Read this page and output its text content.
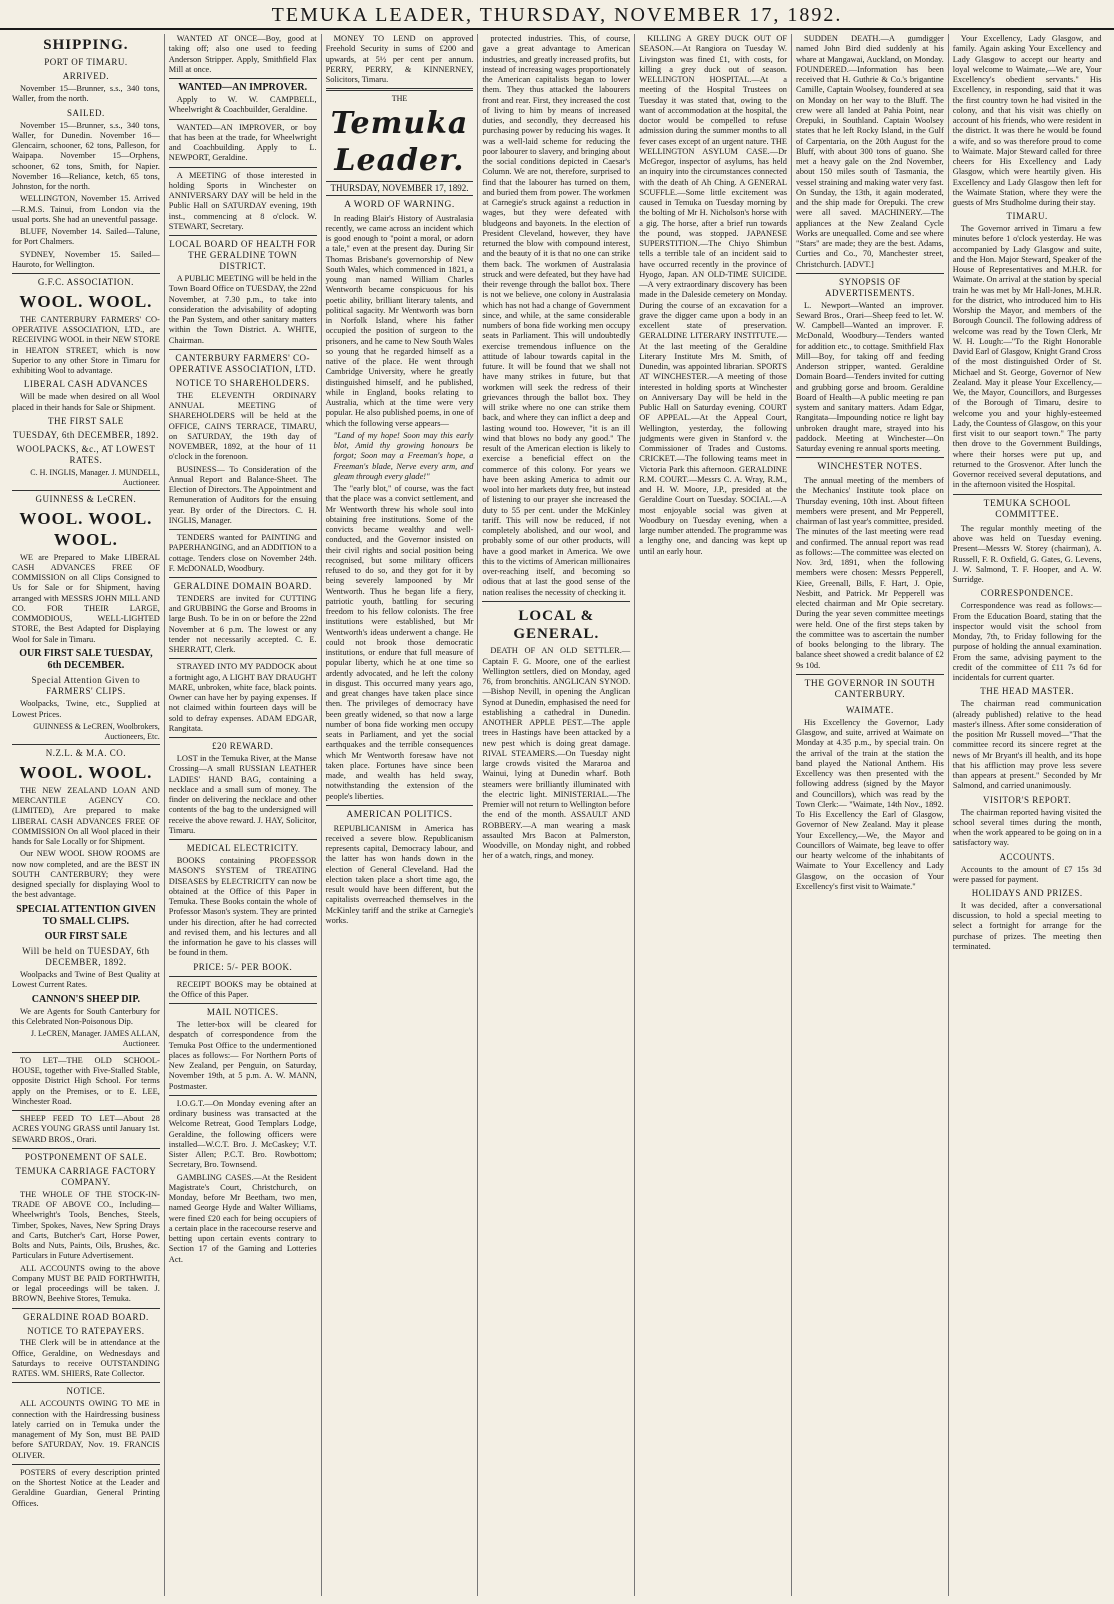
TEMUKA LEADER, THURSDAY, NOVEMBER 17, 1892.
SHIPPING.
PORT OF TIMARU.
ARRIVED.

November 15—Brunner, s.s., 340 tons, Waller, from the north.

SAILED.

November 15—Brunner, s.s., 340 tons, Waller, for Dunedin. November 16—Glencairn, schooner, 62 tons, Palleson, for Waipapa. November 15—Orphens, schooner, 62 tons, Smith, for Napier. November 16—Reliance, ketch, 65 tons, Johnston, for the north.

WELLINGTON, November 15. Arrived—R.M.S. Tainui, from London via the usual ports. She had an uneventful passage.

BLUFF, November 14. Sailed—Talune, for Port Chalmers.

SYDNEY, November 15. Sailed—Hauroto, for Wellington.

G.F.C. ASSOCIATION.
WOOL. WOOL.

THE CANTERBURY FARMERS' CO-OPERATIVE ASSOCIATION, LTD., are RECEIVING WOOL in their NEW STORE in HEATON STREET, which is now Superior to any other Store in Timaru for exhibiting Wool to advantage.

LIBERAL CASH ADVANCES

Will be made when desired on all Wool placed in their hands for Sale or Shipment.

THE FIRST SALE
TUESDAY, 6th DECEMBER, 1892.
WOOLPACKS, &c., AT LOWEST RATES.
C. H. INGLIS, Manager. J. MUNDELL, Auctioneer.
GUINNESS & LeCREN.
WOOL. WOOL. WOOL.

WE are Prepared to Make LIBERAL CASH ADVANCES FREE OF COMMISSION on all Clips Consigned to Us for Sale or for Shipment, having arranged with MESSRS JOHN MILL AND CO. FOR THEIR LARGE, COMMODIOUS, WELL-LIGHTED STORE, the Best Adapted for Displaying Wool for Sale in Timaru.

OUR FIRST SALE TUESDAY, 6th DECEMBER.
Special Attention Given to FARMERS' CLIPS.

Woolpacks, Twine, etc., Supplied at Lowest Prices.

GUINNESS & LeCREN, Woolbrokers, Auctioneers, Etc.
N.Z.L. & M.A. CO.
WOOL. WOOL.

THE NEW ZEALAND LOAN AND MERCANTILE AGENCY CO. (LIMITED), Are prepared to make LIBERAL CASH ADVANCES FREE OF COMMISSION On all Wool placed in their hands for Sale Locally or for Shipment.

Our NEW WOOL SHOW ROOMS are now now completed, and are the BEST IN SOUTH CANTERBURY; they were designed specially for displaying Wool to the best advantage.

SPECIAL ATTENTION GIVEN TO SMALL CLIPS.
OUR FIRST SALE
Will be held on TUESDAY, 6th DECEMBER, 1892.

Woolpacks and Twine of Best Quality at Lowest Current Rates.

CANNON'S SHEEP DIP.

We are Agents for South Canterbury for this Celebrated Non-Poisonous Dip.

J. LeCREN, Manager. JAMES ALLAN, Auctioneer.

TO LET—THE OLD SCHOOL-HOUSE, together with Five-Stalled Stable, opposite District High School. For terms apply on the Premises, or to E. LEE, Winchester Road.

SHEEP FEED TO LET—About 28 ACRES YOUNG GRASS until January 1st. SEWARD BROS., Orari.

POSTPONEMENT OF SALE.
TEMUKA CARRIAGE FACTORY COMPANY.

THE WHOLE OF THE STOCK-IN-TRADE OF ABOVE CO., Including— Wheelwright's Tools, Benches, Steels, Timber, Spokes, Naves, New Spring Drays and Carts, Butcher's Cart, Horse Power, Bolts and Nuts, Paints, Oils, Brushes, &c. Particulars in Future Advertisement.

ALL ACCOUNTS owing to the above Company MUST BE PAID FORTHWITH, or legal proceedings will be taken. J. BROWN, Beehive Stores, Temuka.

GERALDINE ROAD BOARD.
NOTICE TO RATEPAYERS.

THE Clerk will be in attendance at the Office, Geraldine, on Wednesdays and Saturdays to receive OUTSTANDING RATES. WM. SHIERS, Rate Collector.

NOTICE.

ALL ACCOUNTS OWING TO ME in connection with the Hairdressing business lately carried on in Temuka under the management of My Son, must BE PAID before SATURDAY, Nov. 19. FRANCIS OLIVER.

POSTERS of every description printed on the Shortest Notice at the Leader and Geraldine Guardian, General Printing Offices.

WANTED AT ONCE—Boy, good at taking off; also one used to feeding Anderson Stripper. Apply, Smithfield Flax Mill at once.

WANTED—AN IMPROVER.

Apply to W. W. CAMPBELL, Wheelwright & Coachbuilder, Geraldine.

WANTED—AN IMPROVER, or boy that has been at the trade, for Wheelwright and Coachbuilding. Apply to L. NEWPORT, Geraldine.

A MEETING of those interested in holding Sports in Winchester on ANNIVERSARY DAY will be held in the Public Hall on SATURDAY evening, 19th inst., commencing at 8 o'clock. W. STEWART, Secretary.

LOCAL BOARD OF HEALTH FOR THE GERALDINE TOWN DISTRICT.

A PUBLIC MEETING will be held in the Town Board Office on TUESDAY, the 22nd November, at 7.30 p.m., to take into consideration the advisability of adopting the Pan System, and other sanitary matters within the Town District. A. WHITE, Chairman.

CANTERBURY FARMERS' CO-OPERATIVE ASSOCIATION, LTD.
NOTICE TO SHAREHOLDERS.

THE ELEVENTH ORDINARY ANNUAL MEETING of SHAREHOLDERS will be held at the OFFICE, CAIN'S TERRACE, TIMARU, on SATURDAY, the 19th day of NOVEMBER, 1892, at the hour of 11 o'clock in the forenoon.

BUSINESS— To Consideration of the Annual Report and Balance-Sheet. The Election of Directors. The Appointment and Remuneration of Auditors for the ensuing year. By order of the Directors. C. H. INGLIS, Manager.

TENDERS wanted for PAINTING and PAPERHANGING, and an ADDITION to a cottage. Tenders close on November 24th. F. McDONALD, Woodbury.

GERALDINE DOMAIN BOARD.

TENDERS are invited for CUTTING and GRUBBING the Gorse and Brooms in large Bush. To be in on or before the 22nd November at 6 p.m. The lowest or any tender not necessarily accepted. C. E. SHERRATT, Clerk.

STRAYED INTO MY PADDOCK about a fortnight ago, A LIGHT BAY DRAUGHT MARE, unbroken, white face, black points. Owner can have her by paying expenses. If not claimed within fourteen days will be sold to defray expenses. ADAM EDGAR, Rangitata.

£20 REWARD.

LOST in the Temuka River, at the Manse Crossing—A small RUSSIAN LEATHER LADIES' HAND BAG, containing a necklace and a small sum of money. The finder on delivering the necklace and other contents of the bag to the undersigned will receive the above reward. J. HAY, Solicitor, Timaru.

MEDICAL ELECTRICITY.

BOOKS containing PROFESSOR MASON'S SYSTEM of TREATING DISEASES by ELECTRICITY can now be obtained at the Office of this Paper in Temuka. These Books contain the whole of Professor Mason's system. They are printed under his direction, after he had corrected and revised them, and his lectures and all the information he gave to his classes will be found in them.

PRICE: 5/- PER BOOK.

RECEIPT BOOKS may be obtained at the Office of this Paper.

MAIL NOTICES.

The letter-box will be cleared for despatch of correspondence from the Temuka Post Office to the undermentioned places as follows:— For Northern Ports of New Zealand, per Penguin, on Saturday, November 19th, at 5 p.m. A. W. MANN, Postmaster.

I.O.G.T.—On Monday evening after an ordinary business was transacted at the Welcome Retreat, Good Templars Lodge, Geraldine, the following officers were installed—W.C.T. Bro. J. McCaskey; V.T. Sister Allen; P.C.T. Bro. Rowbottom; Secretary, Bro. Townsend.

GAMBLING CASES.—At the Resident Magistrate's Court, Christchurch, on Monday, before Mr Beetham, two men, named George Hyde and Walter Williams, were fined £20 each for being occupiers of a certain place in the racecourse reserve and betting upon certain events contrary to Section 17 of the Gaming and Lotteries Act.

MONEY TO LEND on approved Freehold Security in sums of £200 and upwards, at 5½ per cent per annum. PERRY, PERRY, & KINNERNEY, Solicitors, Timaru.

THE
Temuka Leader.
THURSDAY, NOVEMBER 17, 1892.
A WORD OF WARNING.

In reading Blair's History of Australasia recently, we came across an incident which is good enough to "point a moral, or adorn a tale," even at the present day. During Sir Thomas Brisbane's governorship of New South Wales, which commenced in 1821, a young man named William Charles Wentworth became conspicuous for his poetic ability, brilliant literary talents, and political sagacity. Mr Wentworth was born in Norfolk Island, where his father occupied the position of surgeon to the prisoners, and he came to New South Wales so young that he regarded himself as a native of the place. He went through Cambridge University, where he greatly distinguished himself, and he published, while in England, books relating to Australia, which at the time were very popular. He also published poems, in one of which the following verse appears—

"Land of my hope! Soon may this early blot, Amid thy growing honours be forgot; Soon may a Freeman's hope, a Freeman's blade, Nerve every arm, and gleam through every glade!"

The "early blot," of course, was the fact that the place was a convict settlement, and Mr Wentworth threw his whole soul into obtaining free institutions. Some of the convicts became wealthy and well-conducted, and the Governor insisted on their civil rights and social position being recognised, but some military officers refused to do so, and they got for it by being severely lampooned by Mr Wentworth. Thus he began life a fiery, patriotic youth, battling for securing freedom to his fellow colonists. The free institutions were established, but Mr Wentworth's ideas underwent a change. He could not brook those democratic institutions, or endure that full measure of popular liberty, which he at one time so ardently advocated, and he left the colony in disgust. This occurred many years ago, and great changes have taken place since then. The privileges of democracy have been greatly widened, so that now a large number of bona fide working men occupy seats in Parliament, and yet the social earthquakes and the terrible consequences which Mr Wentworth foresaw have not taken place. Fortunes have since been made, and wealth has held sway, notwithstanding the extension of the people's liberties.

AMERICAN POLITICS.

REPUBLICANISM in America has received a severe blow. Republicanism represents capital, Democracy labour, and the latter has won hands down in the election of General Cleveland. Had the election taken place a short time ago, the result would have been different, but the capitalists overreached themselves in the McKinley tariff and the strike at Carnegie's works.

protected industries. This, of course, gave a great advantage to American industries, and greatly increased profits, but instead of increasing wages proportionately the American capitalists began to lower them. They thus attacked the labourers front and rear. First, they increased the cost of living to him by means of increased duties, and secondly, they decreased his purchasing power by reducing his wages. It was a well-laid scheme for reducing the poor labourer to slavery, and bringing about the social conditions depicted in Caesar's Column. We are not, therefore, surprised to find that the labourer has turned on them, and buried them from power. The workmen at Carnegie's struck against a reduction in wages, but they were defeated with bludgeons and bayonets. In the election of President Cleveland, however, they have returned the blow with compound interest, and the beauty of it is that no one can strike them back. The workmen of Australasia struck and were defeated, but they have had their revenge through the ballot box. There is not we believe, one colony in Australasia which has not had a change of Government since, and while, at the same considerable numbers of bona fide working men occupy seats in Parliament. This will undoubtedly exercise tremendous influence on the attitude of labour towards capital in the future. It will be found that we shall not have many strikes in future, but that workmen will seek the redress of their grievances through the ballot box. They will strike where no one can strike them back, and where they can inflict a deep and lasting wound too. However, "it is an ill wind that blows no body any good." The result of the American election is likely to exercise a beneficial effect on the commerce of this colony. For years we have been asking America to admit our wool into her markets duty free, but instead of listening to our prayer she increased the duty to 55 per cent. under the McKinley tariff. This will now be reduced, if not completely abolished, and our wool, and probably some of our other products, will have a good market in America. We owe this to the victims of American millionaires over-reaching itself, and becoming so odious that at last the good sense of the nation realises the necessity of checking it.

LOCAL & GENERAL.

DEATH OF AN OLD SETTLER.—Captain F. G. Moore, one of the earliest Wellington settlers, died on Monday, aged 76, from bronchitis. ANGLICAN SYNOD.—Bishop Nevill, in opening the Anglican Synod at Dunedin, emphasised the need for establishing a cathedral in Dunedin. ANOTHER APPLE PEST.—The apple trees in Hastings have been attacked by a new pest which is doing great damage. RIVAL STEAMERS.—On Tuesday night large crowds visited the Mararoa and Wainui, lying at Dunedin wharf. Both steamers were brilliantly illuminated with the electric light. MINISTERIAL.—The Premier will not return to Wellington before the end of the month. ASSAULT AND ROBBERY.—A man wearing a mask assaulted Mrs Bacon at Palmerston, Woodville, on Monday night, and robbed her of a watch, rings, and money.

KILLING A GREY DUCK OUT OF SEASON.—At Rangiora on Tuesday W. Livingston was fined £1, with costs, for killing a grey duck out of season. WELLINGTON HOSPITAL.—At a meeting of the Hospital Trustees on Tuesday it was stated that, owing to the want of accommodation at the hospital, the doctor would be compelled to refuse admission during the summer months to all fever cases except of an urgent nature. THE WELLINGTON ASYLUM CASE.—Dr McGregor, inspector of asylums, has held an inquiry into the circumstances connected with the death of Ah Ching. A GENERAL SCUFFLE.—Some little excitement was caused in Temuka on Tuesday morning by the bolting of Mr H. Nicholson's horse with a gig. The horse, after a brief run towards the pound, was stopped. JAPANESE SUPERSTITION.—The Chiyo Shimbun tells a terrible tale of an incident said to have occurred recently in the province of Hyogo, Japan. AN OLD-TIME SUICIDE.—A very extraordinary discovery has been made in the Daleside cemetery on Monday. During the course of an excavation for a grave the digger came upon a body in an excellent state of preservation. GERALDINE LITERARY INSTITUTE.—At the last meeting of the Geraldine Literary Institute Mrs M. Smith, of Dunedin, was appointed librarian. SPORTS AT WINCHESTER.—A meeting of those interested in holding sports at Winchester on Anniversary Day will be held in the Public Hall on Saturday evening. COURT OF APPEAL.—At the Appeal Court, Wellington, yesterday, the following judgments were given in Stanford v. the Commissioner of Trades and Customs. CRICKET.—The following teams meet in Victoria Park this afternoon. GERALDINE R.M. COURT.—Messrs C. A. Wray, R.M., and H. W. Moore, J.P., presided at the Geraldine Court on Tuesday. SOCIAL.—A most enjoyable social was given at Woodbury on Tuesday evening, when a large number attended. The programme was a lengthy one, and dancing was kept up until an early hour.

SUDDEN DEATH.—A gumdigger named John Bird died suddenly at his whare at Mangawai, Auckland, on Monday. FOUNDERED.—Information has been received that H. Guthrie & Co.'s brigantine Camille, Captain Woolsey, foundered at sea on Monday on her way to the Bluff. The crew were all landed at Pahia Point, near Orepuki, in Southland. Captain Woolsey states that he left Rocky Island, in the Gulf of Carpentaria, on the 20th August for the Bluff, with about 300 tons of guano. She met a heavy gale on the 2nd November, about 150 miles south of Tasmania, the vessel straining and making water very fast. On Sunday, the 13th, it again moderated, and the ship made for Orepuki. The crew were all saved. MACHINERY.—The appliances at the New Zealand Cycle Works are unequalled. Come and see where "Stars" are made; they are the best. Adams, Curties and Co., 70, Manchester street, Christchurch. [ADVT.]

SYNOPSIS OF ADVERTISEMENTS.

L. Newport—Wanted an improver. Seward Bros., Orari—Sheep feed to let. W. W. Campbell—Wanted an improver. F. McDonald, Woodbury—Tenders wanted for addition etc., to cottage. Smithfield Flax Mill—Boy, for taking off and feeding Anderson stripper, wanted. Geraldine Domain Board—Tenders invited for cutting and grubbing gorse and broom. Geraldine Board of Health—A public meeting re pan system and sanitary matters. Adam Edgar, Rangitata—Impounding notice re light bay unbroken draught mare, strayed into his paddock. Meeting at Winchester—On Saturday evening re annual sports meeting.

WINCHESTER NOTES.

The annual meeting of the members of the Mechanics' Institute took place on Thursday evening, 10th inst. About fifteen members were present, and Mr Pepperell, chairman of last year's committee, presided. The minutes of the last meeting were read and confirmed. The annual report was read as follows:—The committee was elected on Nov. 3rd, 1891, when the following members were chosen: Messrs Pepperell, Kiee, Greenall, Bills, F. Hart, J. Opie, Nesbitt, and Patrick. Mr Pepperell was elected chairman and Mr Opie secretary. During the year seven committee meetings were held. One of the first steps taken by the committee was to ascertain the number of books belonging to the library. The balance sheet showed a credit balance of £2 9s 10d.

THE GOVERNOR IN SOUTH CANTERBURY.
WAIMATE.

His Excellency the Governor, Lady Glasgow, and suite, arrived at Waimate on Monday at 4.35 p.m., by special train. On the arrival of the train at the station the band played the National Anthem. His Excellency was then presented with the following address (signed by the Mayor and Councillors), which was read by the Town Clerk:— "Waimate, 14th Nov., 1892. To His Excellency the Earl of Glasgow, Governor of New Zealand. May it please Your Excellency,—We, the Mayor and Councillors of Waimate, beg leave to offer our hearty welcome of the inhabitants of Waimate to Your Excellency and Lady Glasgow, on the occasion of Your Excellency's first visit to Waimate."

Your Excellency, Lady Glasgow, and family. Again asking Your Excellency and Lady Glasgow to accept our hearty and loyal welcome to Waimate,—We are, Your Excellency's obedient servants." His Excellency, in responding, said that it was the first country town he had visited in the colony, and that his visit was chiefly on account of his friends, who were resident in the district. It was there he would be found a wife, and so was therefore proud to come to Waimate. Major Steward called for three cheers for His Excellency and Lady Glasgow, which were heartily given. His Excellency and Lady Glasgow then left for the Waimate Station, where they were the guests of Mrs Studholme during their stay.

TIMARU.

The Governor arrived in Timaru a few minutes before 1 o'clock yesterday. He was accompanied by Lady Glasgow and suite, and the Hon. Major Steward, Speaker of the House of Representatives and M.H.R. for Waimate. On arrival at the station by special train he was met by Mr Hall-Jones, M.H.R. for the district, who introduced him to His Worship the Mayor, and members of the Borough Council. The following address of welcome was read by the Town Clerk, Mr W. H. Lough:—"To the Right Honorable David Earl of Glasgow, Knight Grand Cross of the most distinguished Order of St. Michael and St. George, Governor of New Zealand. May it please Your Excellency,—We, the Mayor, Councillors, and Burgesses of the Borough of Timaru, desire to welcome you and your highly-esteemed Lady, the Countess of Glasgow, on this your first visit to our seaport town." The party then drove to the Government Buildings, where their horses were put up, and returned to the Grosvenor. After lunch the Governor received several deputations, and in the afternoon visited the Hospital.

TEMUKA SCHOOL COMMITTEE.

The regular monthly meeting of the above was held on Tuesday evening. Present—Messrs W. Storey (chairman), A. Russell, F. R. Oxfield, G. Gates, G. Levens, J. W. Salmond, T. F. Hooper, and A. W. Surridge.

CORRESPONDENCE.

Correspondence was read as follows:—From the Education Board, stating that the inspector would visit the school from Monday, 7th, to Friday following for the purpose of holding the annual examination. From the same, advising payment to the credit of the committee of £11 7s 6d for incidentals for current quarter.

THE HEAD MASTER.

The chairman read communication (already published) relative to the head master's illness. After some consideration of the position Mr Russell moved—"That the committee record its sincere regret at the news of Mr Bryant's ill health, and its hope that his affliction may prove less severe than appears at present." Seconded by Mr Salmond, and carried unanimously.

VISITOR'S REPORT.

The chairman reported having visited the school several times during the month, when the work appeared to be going on in a satisfactory way.

ACCOUNTS.

Accounts to the amount of £7 15s 3d were passed for payment.

HOLIDAYS AND PRIZES.

It was decided, after a conversational discussion, to hold a special meeting to select a fortnight for arrange for the purchase of prizes. The meeting then terminated.
